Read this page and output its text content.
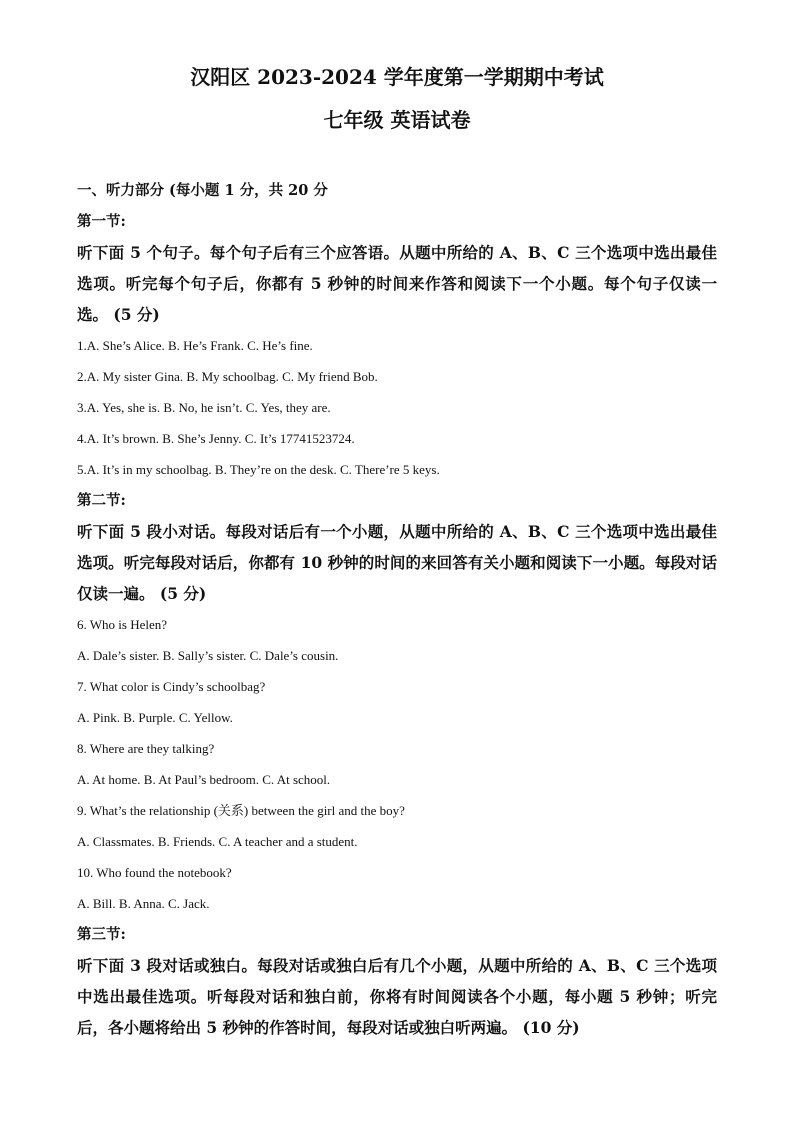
汉阳区 2023-2024 学年度第一学期期中考试
七年级 英语试卷
一、听力部分 (每小题 1 分，共 20 分
第一节:
听下面 5 个句子。每个句子后有三个应答语。从题中所给的 A、B、C 三个选项中选出最佳选项。听完每个句子后，你都有 5 秒钟的时间来作答和阅读下一个小题。每个句子仅读一选。 (5 分)
1.A. She’s Alice. B. He’s Frank. C. He’s fine.
2.A. My sister Gina. B. My schoolbag. C. My friend Bob.
3.A. Yes, she is. B. No, he isn’t. C. Yes, they are.
4.A. It’s brown. B. She’s Jenny. C. It’s 17741523724.
5.A. It’s in my schoolbag. B. They’re on the desk. C. There’re 5 keys.
第二节:
听下面 5 段小对话。每段对话后有一个小题，从题中所给的 A、B、C 三个选项中选出最佳选项。听完每段对话后，你都有 10 秒钟的时间的来回答有关小题和阅读下一小题。每段对话仅读一遍。 (5 分)
6. Who is Helen?
A. Dale’s sister. B. Sally’s sister. C. Dale’s cousin.
7. What color is Cindy’s schoolbag?
A. Pink. B. Purple. C. Yellow.
8. Where are they talking?
A. At home. B. At Paul’s bedroom. C. At school.
9. What’s the relationship (关系) between the girl and the boy?
A. Classmates. B. Friends. C. A teacher and a student.
10. Who found the notebook?
A. Bill. B. Anna. C. Jack.
第三节:
听下面 3 段对话或独白。每段对话或独白后有几个小题，从题中所给的 A、B、C 三个选项中选出最佳选项。听每段对话和独白前，你将有时间阅读各个小题，每小题 5 秒钟；听完后，各小题将给出 5 秒钟的作答时间，每段对话或独白听两遍。 (10 分)
